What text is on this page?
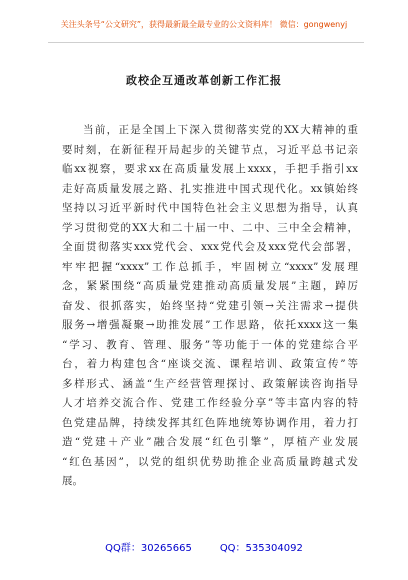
关注头条号“公文研究”，获得最新最全最专业的公文资料库！ 微信：gongwenyj
政校企互通改革创新工作汇报
当前，正是全国上下深入贯彻落实党的XX大精神的重
要时刻，在新征程开局起步的关键节点，习近平总书记亲
临xx视察，要求xx在高质量发展上xxxx，手把手指引xx
走好高质量发展之路、扎实推进中国式现代化。xx镇始终
坚持以习近平新时代中国特色社会主义思想为指导，认真
学习贯彻党的XX大和二十届一中、二中、三中全会精神，
全面贯彻落实xxx党代会、xxx党代会及xxx党代会部署，
牢牢把握“xxxx”工作总抓手，牢固树立“xxxx”发展理
念，紧紧围绕“高质量党建推动高质量发展”主题，踔厉
奋发、很抓落实，始终坚持“党建引领→关注需求→提供
服务→增强凝聚→助推发展”工作思路，依托xxxx这一集
“学习、教育、管理、服务”等功能于一体的党建综合平
台，着力构建包含“座谈交流、课程培训、政策宣传”等
多样形式、涵盖“生产经营管理探讨、政策解读咨询指导
人才培养交流合作、党建工作经验分享”等丰富内容的特
色党建品牌，持续发挥其红色阵地统筹协调作用，着力打
造“党建＋产业”融合发展“红色引擎”，厚植产业发展
“红色基因”，以党的组织优势助推企业高质量跨越式发
展。
QQ群：30265665	QQ：535304092
